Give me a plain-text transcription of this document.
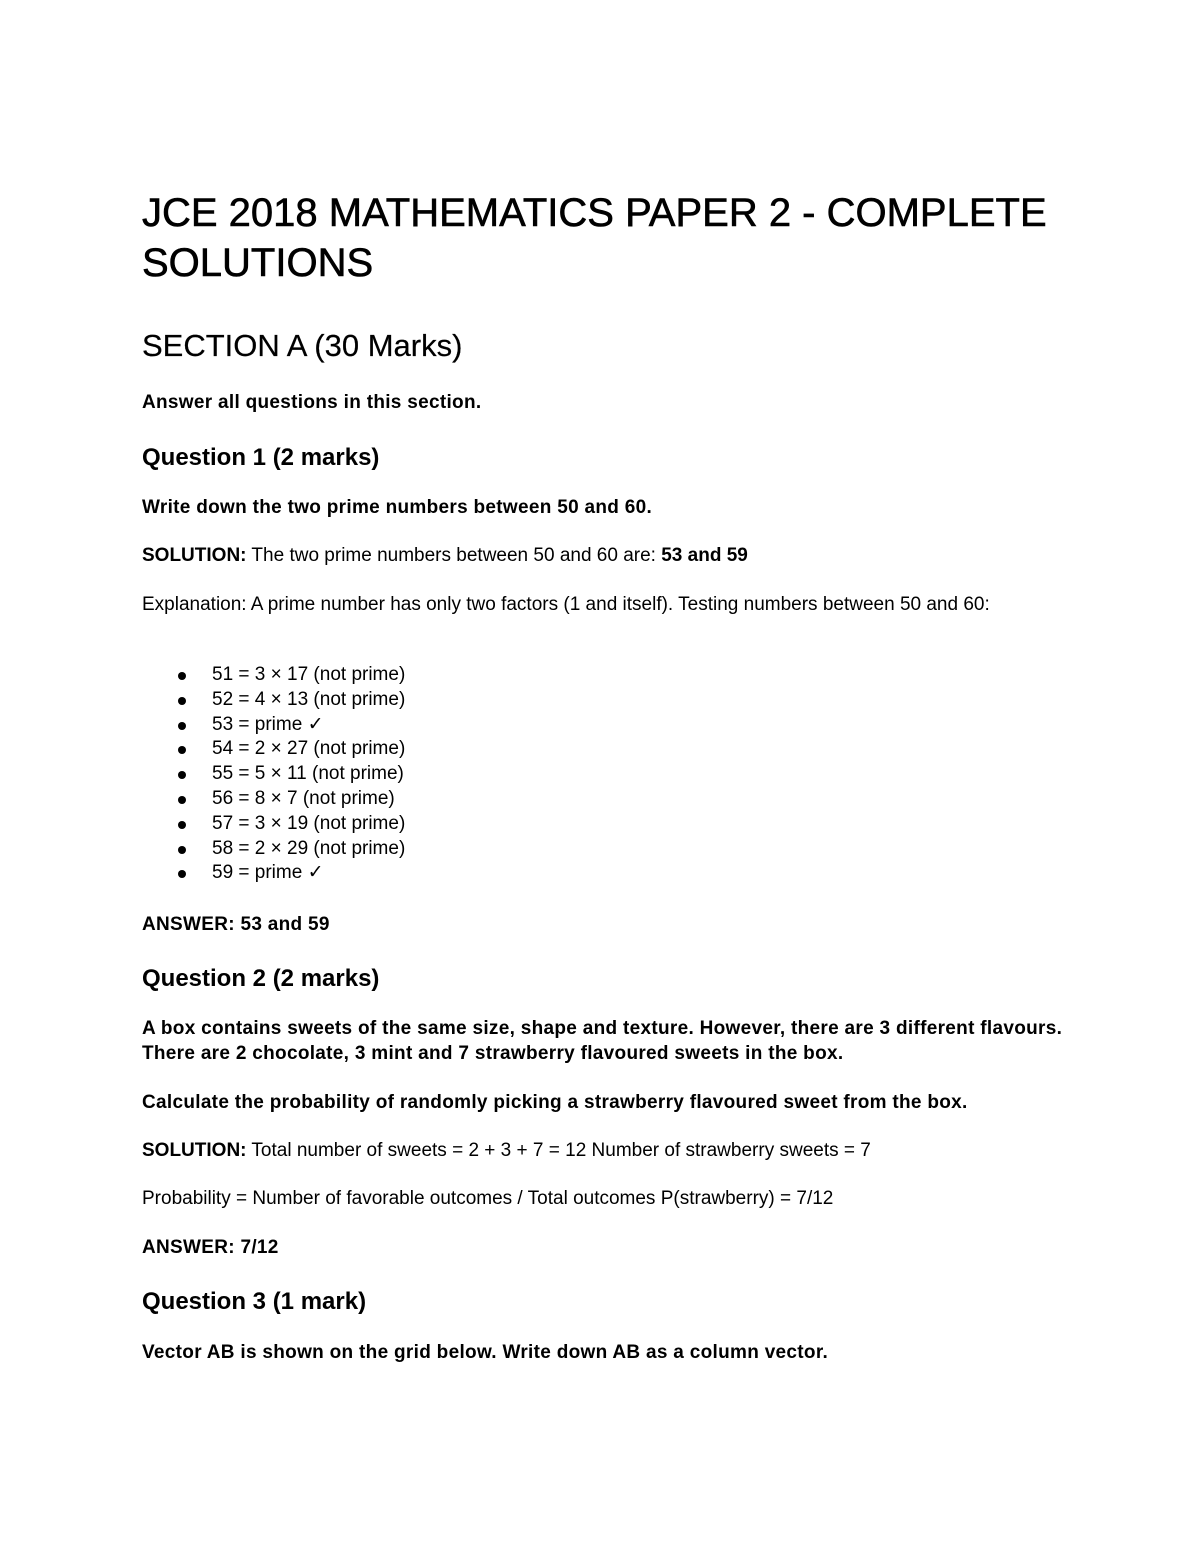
JCE 2018 MATHEMATICS PAPER 2 - COMPLETE SOLUTIONS
SECTION A (30 Marks)

Answer all questions in this section.

Question 1 (2 marks)

Write down the two prime numbers between 50 and 60.

SOLUTION: The two prime numbers between 50 and 60 are: 53 and 59

Explanation: A prime number has only two factors (1 and itself). Testing numbers between 50 and 60:

51 = 3 × 17 (not prime)
52 = 4 × 13 (not prime)
53 = prime ✓
54 = 2 × 27 (not prime)
55 = 5 × 11 (not prime)
56 = 8 × 7 (not prime)
57 = 3 × 19 (not prime)
58 = 2 × 29 (not prime)
59 = prime ✓

ANSWER: 53 and 59

Question 2 (2 marks)

A box contains sweets of the same size, shape and texture. However, there are 3 different flavours. There are 2 chocolate, 3 mint and 7 strawberry flavoured sweets in the box.

Calculate the probability of randomly picking a strawberry flavoured sweet from the box.

SOLUTION: Total number of sweets = 2 + 3 + 7 = 12 Number of strawberry sweets = 7

Probability = Number of favorable outcomes / Total outcomes P(strawberry) = 7/12

ANSWER: 7/12

Question 3 (1 mark)

Vector AB is shown on the grid below. Write down AB as a column vector.
